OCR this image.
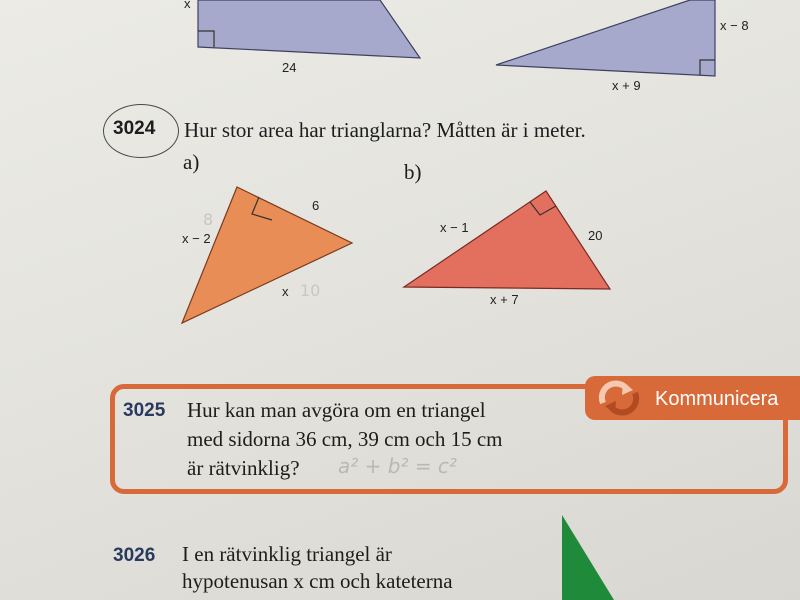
x
24
x − 8
x + 9
x − 2
6
x
8
10
x − 1
20
x + 7
3024 Hur stor area har trianglarna? Måtten är i meter.
a)	b)
Kommunicera
3025 Hur kan man avgöra om en triangel
med sidorna 36 cm, 39 cm och 15 cm
är rätvinklig? a² + b² = c²
3026 I en rätvinklig triangel är
hypotenusan x cm och kateterna
